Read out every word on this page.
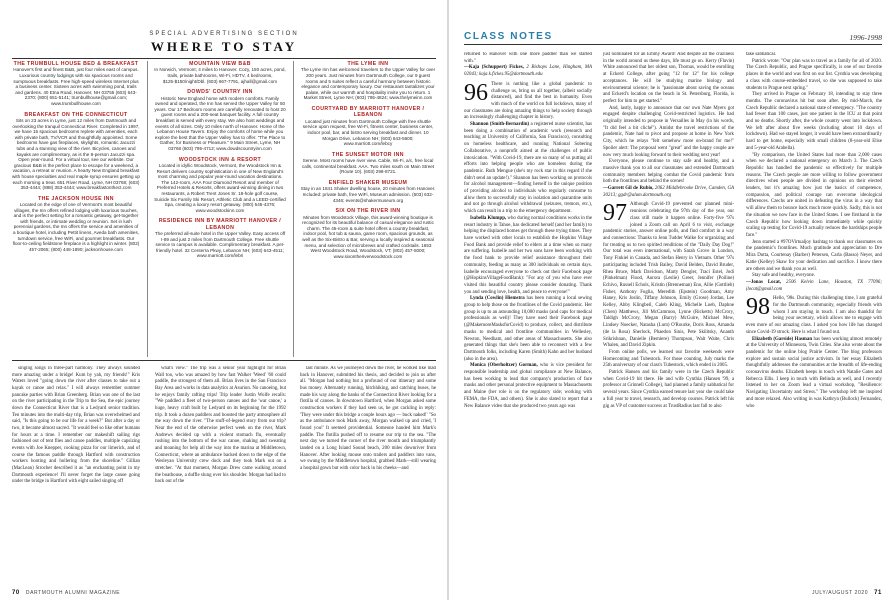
SPECIAL ADVERTISING SECTION
WHERE TO STAY
THE TRUMBULL HOUSE BED & BREAKFAST
Hanover's first and finest B&B, just four miles east of campus. Luxurious country lodgings with six spacious rooms and sumptuous breakfasts. Free high-speed wireless Internet plus a business center. Sixteen acres with swimming pond, trails and gardens. 40 Etna Road, Hanover, NH 03755 (603) 643-2370; (800) 651-5141; trumbullhouse@gmail.com; www.trumbullhouse.com
BREAKFAST ON THE CONNECTICUT
Sits on 23 acres in Lyme, just 12 miles from Dartmouth and overlooking the tranquil Connecticut River. Completed in 1997, we have 15 spacious bedrooms replete with amenities, each with private bath, TV/VCR and thoughtfully appointed. Some bedrooms have gas fireplaces, skylights, romantic Jacuzzi tubs and a stunning view of the river. Bicycles, canoes and kayaks are complimentary, as is the 8-person Jacuzzi spa. Open year-round. For a virtual tour, see our website. Our gracious B&B is the perfect place to escape for a weekend, a vacation, a retreat or reunion. A hearty New England breakfast with house specialties and real maple syrup ensures getting up each morning a treat. 651 River Road, Lyme, NH 03768; (603) 353-4444; (888) 353-4444; www.breakfastonthect.com
THE JACKSON HOUSE INN
Located on the edge of one of Vermont's most beautiful villages, the Inn offers refined lodging with luxurious touches, and is the perfect setting for a romantic getaway, get-together with friends, or intimate wedding or reunion. Set in lush perennial gardens, the Inn offers the service and amenities of a boutique hotel, including Pettit linens, Aveda bath amenities, turndown service, free WiFi, and gourmet breakfasts. Our floor-to-ceiling fieldstone fireplace is a highlight in winter. (802) 457-2065; (800) 448-1890; jacksonhouse.com
MOUNTAIN VIEW B&B
In Norwich, Vermont; 4 miles to Hanover. Cozy, 150 acres, pond, trails, private bathrooms, Wi-Fi, HDTV, 4 bedrooms, $125-$150/night/Dbl. (603) 667-7791, ajhall@gmail.com
DOWDS' COUNTRY INN
Historic New England home with modern comforts. Family owned and operated, the Inn has served the Upper Valley for 50 years. Our 17 Bedroom rooms are carefully renovated to host 20 guest rooms and a 200-seat banquet facility. A full country breakfast is served with every stay. We also host weddings and events of all sizes. Only 10 miles north of Hanover. Home of the Lebanon House Tavern. Enjoy the comforts of home while you explore the best that the Upper Valley has to offer. "The Place to Gather, for Business or Pleasure." 9 Main Street, Lyme, NH 03768 (603) 795-4712; www.dowdscountryinn.com
WOODSTOCK INN & RESORT
Located in idyllic Woodstock, Vermont, the Woodstock Inn & Resort delivers country sophistication in one of New England's most charming and popular year-round vacation destinations. The 142-room, AAA Four Diamond Resort and member of Preferred Hotels & Resorts, offers award-winning dining in two restaurants, a Robert Trent Jones Sr. 18-hole golf course, Suicide Six Family Ski Resort, Athletic Club and a LEED-certified Spa, creating a luxury resort getaway. (800) 545-4376; www.woodstockinn.com
RESIDENCE INN BY MARRIOTT HANOVER / LEBANON
The preferred all-suite hotel in the Upper Valley. Easy access off I-89 and just 2 miles from Dartmouth College. Free shuttle service to campus is available. Complimentary breakfast. A pet-friendly hotel. 32 Centerra Pkwy, Lebanon NH; (603) 643-4511; www.marriott.com/lebri
THE LYME INN
The Lyme Inn has welcomed travelers to the Upper Valley for over 200 years. Just minutes from Dartmouth College, our 9 guest rooms and 5 suites reflect a careful harmony between historic elegance and contemporary luxury. Our restaurant tantalizes your palate, while our warmth and hospitality invite you to return. 1 Market Street, Lyme NH; (603) 795-4824; www.thelymeinn.com
COURTYARD BY MARRIOTT HANOVER / LEBANON
Located just minutes from Dartmouth College with free shuttle service upon request, free Wi-Fi, fitness center, business center, indoor pool, bar, and bistro serving breakfast and dinner. 10 Morgan Drive, Lebanon NH; (603) 643-5600; www.marriott.com/lebcy
THE SUNSET MOTOR INN
Serene. Most rooms have river view. Cable, Wi-Fi, a/c, free local calls, continental breakfast. AAA. Two miles south on Main Street (Route 10). (603) 298-8721.
ENFIELD SHAKER MUSEUM
Stay in an 1841 Shaker dwelling house, 20 minutes from Hanover. Included: private bath, free WiFi, Museum admission. (603) 632-4346; events@shakermuseum.org
SIX ON THE RIVER INN
Minutes from Woodstock Village, this award-winning boutique is recognized for its beautiful balance of casual elegance and rustic charm. The 45-room & suite hotel offers a country breakfast, indoor pool, hot tub & sauna, game room, spacious grounds, as well as the Six-Bistro & Bar, serving a locally inspired & seasonal menu, and selection of microbrews and crafted cocktails. 1653 West Woodstock Road, Woodstock, VT; (802) 457-5000; www.sixontheriverwoodstock.com

singing songs in three-part harmony. They always sounded more amazing under a bridge! Kum by yah, my friends!" Kris Waters loved "going down the river after classes to take out a kayak or canoe and relax." I will always remember summer pancake parties with Brian Greenberg. Brian was one of the last on the river participating in the Trip to the Sea, the epic journey down the Connecticut River that is a Ledyard senior tradition. Ten minutes into the multi-day trip, Brian was overwhelmed and said, "Is this going to be our life for a week?" But after a day or two, it became almost sacred. "It would feel so like other humans for hours at a time. I remember our makeshift sailing rigs fashioned out of tent flies and canoe paddles, multiple capsizing events with Joe Knepper, cooking pizza for our limerick, and of course the famous paddle through Hartford with construction workers hooting and hollering from the shoreline." Gillian (MacLean) Strocher described it as "an enchanting point in my Dartmouth experience! I'll never forget the large canoe going under the bridge in Hartford with eight sailed singing off

what's view." The trip was a senior year highlight for Brian Wall too, who was amazed by how fast Walker 'Weed' '60 could paddle, the strongest of them all. Brian lives in the San Francisco Bay Area and works in data analytics at Asurion. No canoeing, but he enjoys family rafting trips! Trip leader Justin Wolfe recalls: "We paddled a fleet of two-person canoes and the 'war canoe,' a huge, heavy craft built by Ledyard on its beginning for the 1992 trip. It took a dozen paddlers and boosted the party atmosphere all the way down the river. "The stuff-of-legend story from our trip? Near the end of the otherwise perfect week on the river, Mark Andrews decided up with a violent stomach flu, eventually rushing into the bottom of the war canoe, shaking and sweating and moaning for help all the way into the marina at Middletown, Connecticut, where an ambulance backed down to the edge of the Wesleyan University crew dock and they took Mark out on a stretcher. "At that moment, Morgan Drew came walking around the boathouse, a duffle slung over his shoulder. Morgan had had to back out of the

last minute. As we journeyed down the river, he worked like mad back in Hanover, submitted his thesis, and decided to join us after all. "Morgan had nothing but a profound of our itinerary and some bus money. Alternately running, hitchhiking, and catching buses, he made his way along the banks of the Connecticut River looking for a flotilla of canoes. In downtown Hartford, when Morgan asked some construction workers if they had seen us, he got cackling in reply: 'They were under this bridge a couple hours ago — buck naked!' "So as the ambulance took Mark away, Morgan walked up and cried, 'I found you!' It seemed providential. Someone handed him Mark's paddle. The flotilla pushed off to resume our trip to the sea. "The next day we turned the corner of the river mouth and triumphantly landed on a Long Island Sound beach, 200 miles downriver from Hanover. After looking mouse onto trailers and paddlers into vans, we swung by the Middletown hospital, grabbed Mark—still wearing a hospital gown but with color back in his cheeks—and

70 DARTMOUTH ALUMNI MAGAZINE
CLASS NOTES	1996-1998

returned to Hanover with one more paddler than we started with."

—Kaja (Schuppert) Fickes, 2 Bishops Lane, Hingham, MA 02043; kaja.k.fickes.95@dartmouth.edu

96 There is nothing like a global pandemic to challenge us, bring us all together, (albeit socially distanced), and find the best in humanity. Even with much of the world on full lockdown, many of our classmates are doing amazing things to help society through an increasingly challenging chapter in history.

Shannon (Smith-Bernardin) a registered nurse scientist, has been doing a combination of academic work (research and teaching at University of California, San Francisco), consulting on homeless healthcare, and running National Sobering Collaborative, a nonprofit aimed at the challenges of public intoxication. "With Covid-19, there are so many of us putting all efforts into helping people who are homeless during the pandemic. Ruth Mengue (she's my rock star in this regard if she didn't send an update!)." Shannon has been working on protocols for alcohol management—finding herself in the unique position of providing alcohol to individuals who regularly consume to allow them to successfully stay in isolation and quarantine units and not go through alcohol withdrawal (seizures, tremors, etc.), which can result in a trip to the emergency department.

Isabella Klumpp, who during normal conditions works in the resort industry in Tahoe, has dedicated herself (and her family) to helping the displaced homes get through these trying times. They have worked with other locals to establish the Hopkins Village Food Bank and provide relief to elders at a time when so many are suffering. Isabelle and her two sons have been working with the food bank to provide relief assistance throughout their community, feeding as many as 300 individuals on certain days. Isabelle encouraged everyone to check out their Facebook page (@HopkinsVillageFoodBank): "For any of you who have ever visited this beautiful country please consider donating. Thank you and sending love, health, and peace to everyone!"

Lynda (Cowlin) Hiemstra has been running a local sewing group to help those on the frontlines of the Covid pandemic. Her group is up to an astounding 10,000 masks (and caps for medical professionals as well)! They have used their Facebook page (@MakemoreMasksforCovid) to produce, collect, and distribute masks to medical and frontline communities in Wellesley, Newton, Needham, and other areas of Massachusetts. She also generated things that she's been able to reconnect with a few Dartmouth folks, including Karen (Smith) Kahn and her husband (also in the area).

Monica (Oberholtzer) Gorman, who is vice president for responsible leadership and global compliance at New Balance, has been working to lead that company's production of face masks and other personal protective equipment to Massachusetts and Maine (her role is on the regulatory side; working with FEMA, the FDA, and others). She is also slated to report that a New Balance video that she produced two years ago was

just nominated for an Emmy Award! And despite all the craziness in the world around us these days, life must go on. Kerry (Flavin) White announced that her oldest son, Thomas, would be enrolling at Eckerd College, after going "12 for 12" for his college acceptances. He will be studying marine biology and environmental science; he is "passionate about saving the oceans and Eckerd's location on the beach in St. Petersburg, Florida, is perfect for him to get started."

And, lastly, happy to announce that our own Nate Myers got engaged despite challenging Covid-restricted logistics. He had originally intended to propose in Versailles in May (in his words, "It did feel a bit cliché"). Amidst the travel restrictions of the pandemic, Nate had to pivot and propose at home in New York City, which he relays "felt somehow more on-brand for me!" Spoiler alert: The proposal went "great" and the happy couple are now very much looking forward to their wedding next year!

Everyone, please continue to stay safe and healthy, and a massive thank you to all our classmates and extended Dartmouth community members helping combat the Covid pandemic from both the frontlines and behind the scenes!

—Garrett Gil de Rubio, 2062 Middlebrooke Drive, Camden, GA 30213; ggdr@alum.dartmouth.org

97 Although Covid-19 prevented our planned mini-reunions celebrating the 97th day of the year, our class still made it happen online. Forty-five '97s joined a Zoom call on April 6 to visit, exchange pandemic stories, answer online polls, and find comfort in a way and connections: Thanks to Jenn Tudder Walke for organizing and for treating us to two spirited renditions of the "Daily Day Dog!" Our total was even international, with Sarah Grove in London, Tony Finkiel in Canada, and Stefan Henry in Vietnam. Other '97s participating included Trish Bailey, David Belden, David Bruder, Rhea Bruce, Mark Davidson, Marty Dengler, Traci Estel, Jodi (Pinkelman) Flood, Aurora (Leslie) Greer, Jennifer (Poiline) Echivo, Russell Echols, Kristin (Brenneman) Eno, Allie (Gottlieb) Fisher, Anthony Foglia, Meredith (Epstein) Goodman, Amy Haney, Kris Joslin, Tiffany Johnson, Emily (Grose) Jordan, Lee Kelley, Abby Klingbeil, Caleb Kling, Michelle Loeb, Daphne (Chen) Matthews, Jill McCammon, Lynne (Ricketts) McCrory, Taldigh McCrory, Megan (Barry) McGuire, Michael Mew, Lindsey Noecker, Natasha (Lum) O'Rourke, Doris Ross, Amanda (de la Rosa) Sherlock, Phaedon Sinis, Pete Skilitsky, Ananth Srikrishnan, Danielle (Bemiere) Thompson, Walt Waite, Chris Whalen, and David Zipkin.

From online polls, we learned our favorite weekends were Homecoming and Tubestock. For those counting, July marks the 25th anniversary of our class's Tubestock, which ended in 2005.

Patrick Hansen and his family were in the Czech Republic when Covid-19 hit there. He and wife Cynthia (Hansen '99, a professor at Grinnell College), had planned a family sabbatical for several years. Since Cynthia earned tenure last year she could take a full year to travel, research, and develop courses. Patrick left his gig as VP of customer success at TrustRadius last fall to also

take sabbatical.

Patrick wrote: "Our plan was to travel as a family for all of 2020. The Czech Republic, and Prague specifically, is one of our favorite places in the world and was first on our list. Cynthia was developing a class with course-embedded travel, so she was supposed to take students to Prague next spring."

They arrived in Prague on February 18, intending to stay three months. The coronavirus hit but soon after. By mid-March, the Czech Republic declared a national state of emergency. "The country had fewer than 100 cases, just one patient in the ICU at that point and no deaths. Shortly after, the whole country went into lockdown. We left after about five weeks (including about 10 days of lockdown). Had we stayed longer, it would have been extraordinarily hard to get home, especially with small children (8-year-old Elise and 5-year-old Arabella).

"By comparison, the United States had more than 2,000 cases when we declared a national emergency on March 3. The Czech Republic has handled the pandemic so effectively for multiple reasons. The Czech people are more willing to follow government directives when people are divided in opinions on their elected leaders, but it's amazing how just the basics of competence, compassion, and political courage can overcome ideological differences. Czechs are united in defeating the virus in a way that will allow them to bounce back much more quickly. Sadly, this is not the situation we now face in the United States. I see firsthand in the Czech Republic how looking down immediately while quickly scaling up testing for Covid-19 actually reduces the hardships people face."

Jenn started a #97OVirtualjoy hashtag to thank our classmates on the pandemic's frontlines. Much gratitude and appreciation to Dre Mira Dutta, Courtenay (Barber) Petersen, Carla (Basso) Neyer, and Katie (Kelley) Skaw for your dedication and sacrifice. I know there are others and we thank you as well.

Stay safe and healthy, everyone.

—Jonas Locat, 2506 Kelvin Lane, Houston, TX 77096; jlocat@gmail.com

98 Hello, '98s. During this challenging time, I am grateful for the Dartmouth community, especially friends with whom I am staying in touch. I am also thankful for being your secretary, which allows me to engage with even more of our amazing class. I asked you how life has changed since Covid-19 struck. Here is what I found out.

Elizabeth (Garside) Hasman has been working almost remotely at the University of Minnesota, Twin Cities. She also wrote about the pandemic for the online blog Prairie Center. The blog professors explore and sustain social justice activism. In her essay Elizabeth thoughtfully addresses the communities at the breadth of life-ending coronavirus deaths. Elizabeth keeps in touch with Natalie Gates and Rebecca Ellis. I keep in touch with Belinda as well, and I recently listened to her on Zoom lead a virtual workshop, "Resilience: Navigating Uncertainty and Stress." The workshop left me inspired and more relaxed. Also writing in was Kathryn (Bullock) Fernandez, who

JULY/AUGUST 2020 71
